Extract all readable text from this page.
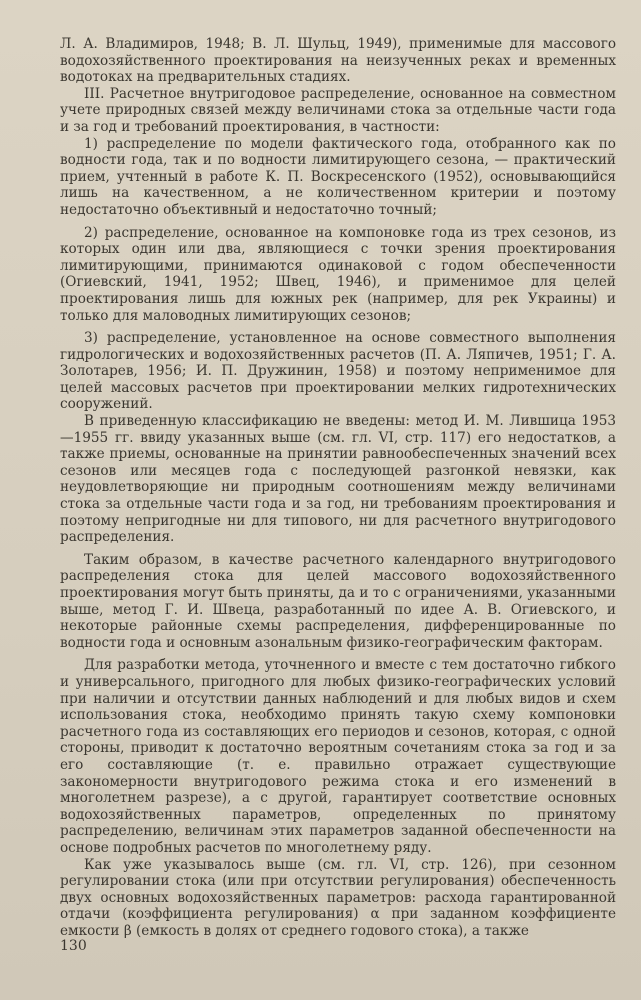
Л. А. Владимиров, 1948; В. Л. Шульц, 1949), применимые для массового водохозяйственного проектирования на неизученных реках и временных водотоках на предварительных стадиях.

III. Расчетное внутригодовое распределение, основанное на совместном учете природных связей между величинами стока за отдельные части года и за год и требований проектирования, в частности:

1) распределение по модели фактического года, отобранного как по водности года, так и по водности лимитирующего сезона, — практический прием, учтенный в работе К. П. Воскресенского (1952), основывающийся лишь на качественном, а не количественном критерии и поэтому недостаточно объективный и недостаточно точный;

2) распределение, основанное на компоновке года из трех сезонов, из которых один или два, являющиеся с точки зрения проектирования лимитирующими, принимаются одинаковой с годом обеспеченности (Огиевский, 1941, 1952; Швец, 1946), и применимое для целей проектирования лишь для южных рек (например, для рек Украины) и только для маловодных лимитирующих сезонов;

3) распределение, установленное на основе совместного выполнения гидрологических и водохозяйственных расчетов (П. А. Ляпичев, 1951; Г. А. Золотарев, 1956; И. П. Дружинин, 1958) и поэтому неприменимое для целей массовых расчетов при проектировании мелких гидротехнических сооружений.

В приведенную классификацию не введены: метод И. М. Лившица 1953—1955 гг. ввиду указанных выше (см. гл. VI, стр. 117) его недостатков, а также приемы, основанные на принятии равнообеспеченных значений всех сезонов или месяцев года с последующей разгонкой невязки, как неудовлетворяющие ни природным соотношениям между величинами стока за отдельные части года и за год, ни требованиям проектирования и поэтому непригодные ни для типового, ни для расчетного внутригодового распределения.

Таким образом, в качестве расчетного календарного внутригодового распределения стока для целей массового водохозяйственного проектирования могут быть приняты, да и то с ограничениями, указанными выше, метод Г. И. Швеца, разработанный по идее А. В. Огиевского, и некоторые районные схемы распределения, дифференцированные по водности года и основным азональным физико-географическим факторам.

Для разработки метода, уточненного и вместе с тем достаточно гибкого и универсального, пригодного для любых физико-географических условий при наличии и отсутствии данных наблюдений и для любых видов и схем использования стока, необходимо принять такую схему компоновки расчетного года из составляющих его периодов и сезонов, которая, с одной стороны, приводит к достаточно вероятным сочетаниям стока за год и за его составляющие (т. е. правильно отражает существующие закономерности внутригодового режима стока и его изменений в многолетнем разрезе), а с другой, гарантирует соответствие основных водохозяйственных параметров, определенных по принятому распределению, величинам этих параметров заданной обеспеченности на основе подробных расчетов по многолетнему ряду.

Как уже указывалось выше (см. гл. VI, стр. 126), при сезонном регулировании стока (или при отсутствии регулирования) обеспеченность двух основных водохозяйственных параметров: расхода гарантированной отдачи (коэффициента регулирования) α при заданном коэффициенте емкости β (емкость в долях от среднего годового стока), а также

130
